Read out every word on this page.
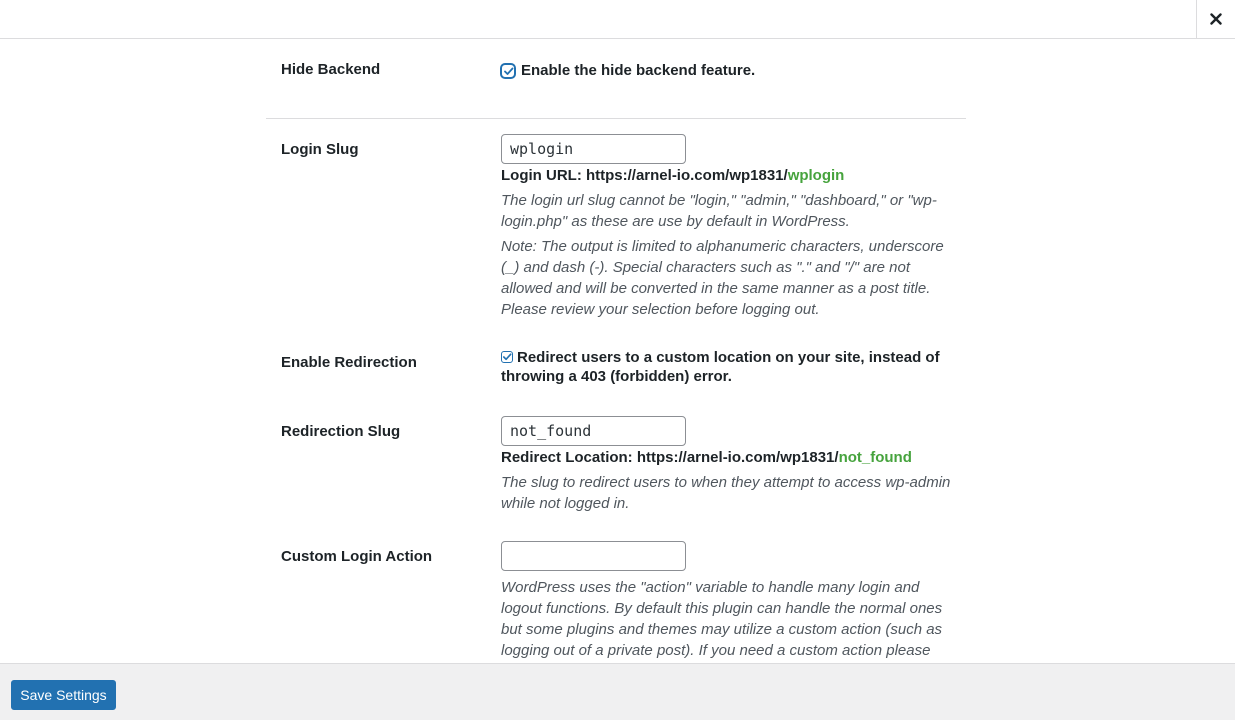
Hide Backend	Enable the hide backend feature.
Login Slug	wplogin
Login URL: https://arnel-io.com/wp1831/wplogin
The login url slug cannot be "login," "admin," "dashboard," or "wp-login.php" as these are use by default in WordPress.
Note: The output is limited to alphanumeric characters, underscore (_) and dash (-). Special characters such as "." and "/" are not allowed and will be converted in the same manner as a post title. Please review your selection before logging out.
Enable Redirection	Redirect users to a custom location on your site, instead of throwing a 403 (forbidden) error.
Redirection Slug	not_found
Redirect Location: https://arnel-io.com/wp1831/not_found
The slug to redirect users to when they attempt to access wp-admin while not logged in.
Custom Login Action
WordPress uses the "action" variable to handle many login and logout functions. By default this plugin can handle the normal ones but some plugins and themes may utilize a custom action (such as logging out of a private post). If you need a custom action please
Save Settings
